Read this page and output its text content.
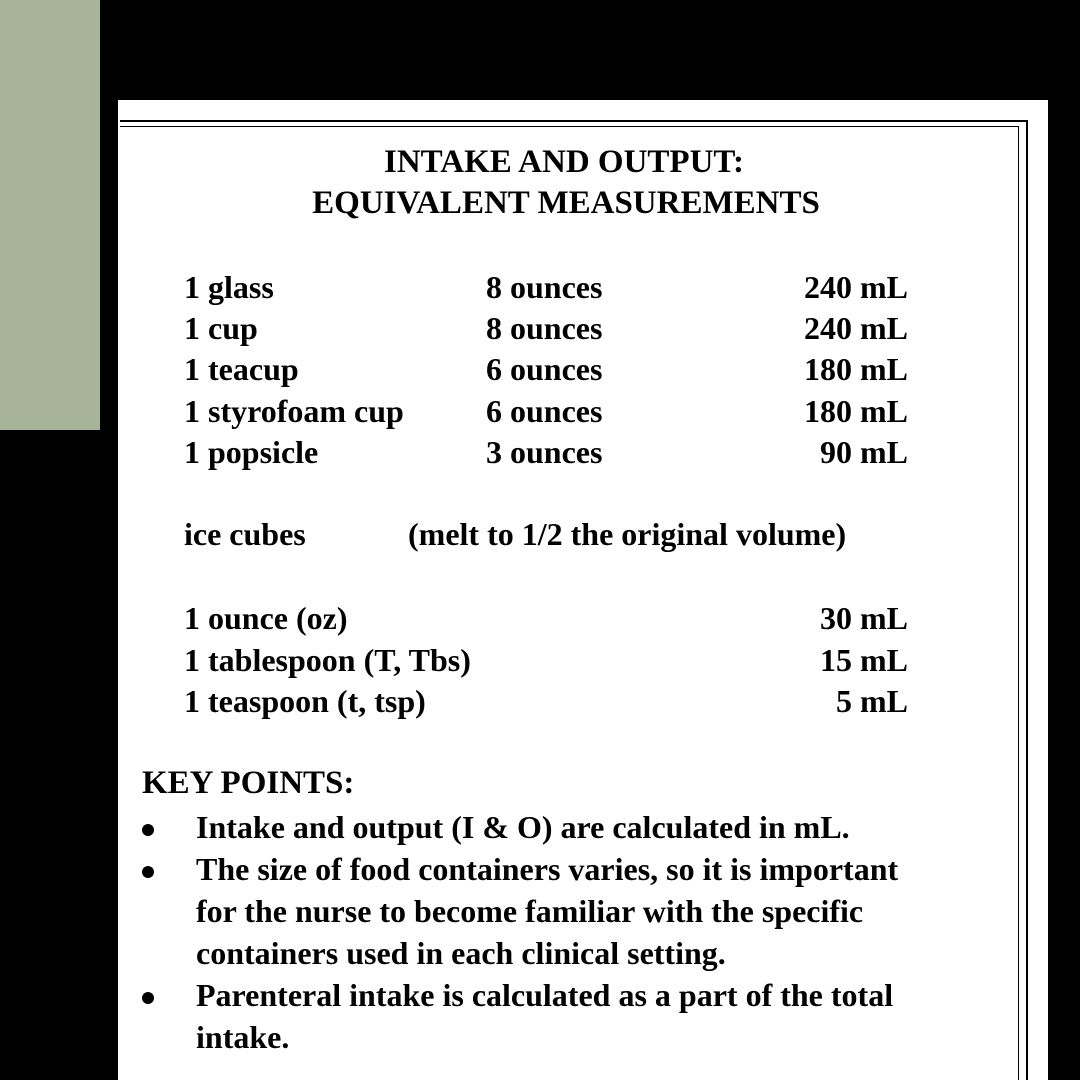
INTAKE AND OUTPUT:
EQUIVALENT MEASUREMENTS
1 glass	8 ounces	240 mL
1 cup	8 ounces	240 mL
1 teacup	6 ounces	180 mL
1 styrofoam cup	6 ounces	180 mL
1 popsicle	3 ounces	90 mL
ice cubes	(melt to 1/2 the original volume)
1 ounce (oz)	30 mL
1 tablespoon (T, Tbs)	15 mL
1 teaspoon (t, tsp)	5 mL
KEY POINTS:
Intake and output (I & O) are calculated in mL.
The size of food containers varies, so it is important
for the nurse to become familiar with the specific
containers used in each clinical setting.
Parenteral intake is calculated as a part of the total
intake.
